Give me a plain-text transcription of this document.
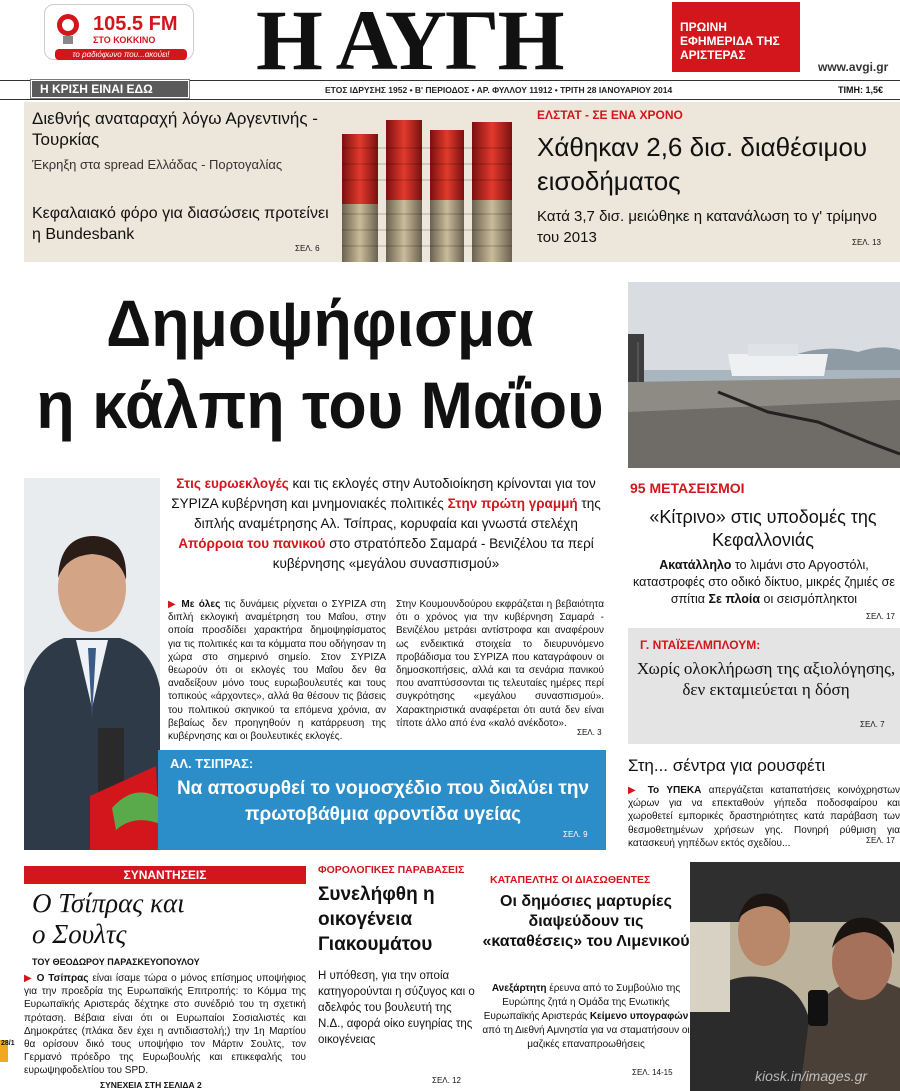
105.5 FM
ΣΤΟ ΚΟΚΚΙΝΟ
το ραδιόφωνο που...ακούει! Η ΑΥΓΗ	ΠΡΩΙΝΗ ΕΦΗΜΕΡΙΔΑ ΤΗΣ ΑΡΙΣΤΕΡΑΣ
www.avgi.gr
Η ΚΡΙΣΗ ΕΙΝΑΙ ΕΔΩ	ΕΤΟΣ ΙΔΡΥΣΗΣ 1952 • Β' ΠΕΡΙΟΔΟΣ • ΑΡ. ΦΥΛΛΟΥ 11912 • ΤΡΙΤΗ 28 ΙΑΝΟΥΑΡΙΟΥ 2014	ΤΙΜΗ: 1,5€
Διεθνής αναταραχή λόγω Αργεντινής - Τουρκίας
Έκρηξη στα spread Ελλάδας - Πορτογαλίας
Κεφαλαιακό φόρο για διασώσεις προτείνει η Bundesbank
ΣΕΛ. 6
ΕΛΣΤΑΤ - ΣΕ ΕΝΑ ΧΡΟΝΟ
Χάθηκαν 2,6 δισ. διαθέσιμου εισοδήματος
Κατά 3,7 δισ. μειώθηκε η κατανάλωση το γ' τρίμηνο του 2013	ΣΕΛ. 13
Δημοψήφισμα
η κάλπη του Μαΐου
Στις ευρωεκλογές και τις εκλογές στην Αυτοδιοίκηση κρίνονται για τον ΣΥΡΙΖΑ κυβέρνηση και μνημονιακές πολιτικές Στην πρώτη γραμμή της διπλής αναμέτρησης Αλ. Τσίπρας, κορυφαία και γνωστά στελέχη Απόρροια του πανικού στο στρατόπεδο Σαμαρά - Βενιζέλου τα περί κυβέρνησης «μεγάλου συνασπισμού»
▶ Με όλες τις δυνάμεις ρίχνεται ο ΣΥΡΙΖΑ στη διπλή εκλογική αναμέτρηση του Μαΐου, στην οποία προσδίδει χαρακτήρα δημοψηφίσματος για τις πολιτικές και τα κόμματα που οδήγησαν τη χώρα στο σημερινό σημείο. Στον ΣΥΡΙΖΑ θεωρούν ότι οι εκλογές του Μαΐου δεν θα αναδείξουν μόνο τους ευρωβουλευτές και τους τοπικούς «άρχοντες», αλλά θα θέσουν τις βάσεις του πολιτικού σκηνικού τα επόμενα χρόνια, αν βεβαίως δεν προηγηθούν η κατάρρευση της κυβέρνησης και οι βουλευτικές εκλογές.
Στην Κουμουνδούρου εκφράζεται η βεβαιότητα ότι ο χρόνος για την κυβέρνηση Σαμαρά - Βενιζέλου μετράει αντίστροφα και αναφέρουν ως ενδεικτικά στοιχεία το διευρυνόμενο προβάδισμα του ΣΥΡΙΖΑ που καταγράφουν οι δημοσκοπήσεις, αλλά και τα σενάρια πανικού που αναπτύσσονται τις τελευταίες ημέρες περί συγκρότησης «μεγάλου συνασπισμού». Χαρακτηριστικά αναφέρεται ότι αυτά δεν είναι τίποτε άλλο από ένα «καλό ανέκδοτο».
ΣΕΛ. 3
ΑΛ. ΤΣΙΠΡΑΣ:
Να αποσυρθεί το νομοσχέδιο που διαλύει την πρωτοβάθμια φροντίδα υγείας
ΣΕΛ. 9
95 ΜΕΤΑΣΕΙΣΜΟΙ
«Κίτρινο» στις υποδομές της Κεφαλλονιάς
Ακατάλληλο το λιμάνι στο Αργοστόλι, καταστροφές στο οδικό δίκτυο, μικρές ζημιές σε σπίτια Σε πλοία οι σεισμόπληκτοι
ΣΕΛ. 17
Γ. ΝΤΑΪΣΕΛΜΠΛΟΥΜ:
Χωρίς ολοκλήρωση της αξιολόγησης, δεν εκταμιεύεται η δόση
ΣΕΛ. 7
Στη... σέντρα για ρουσφέτι
▶ Το ΥΠΕΚΑ απεργάζεται καταπατήσεις κοινόχρηστων χώρων για να επεκταθούν γήπεδα ποδοσφαίρου και χωροθετεί εμπορικές δραστηριότητες κατά παράβαση των θεσμοθετημένων χρήσεων γης. Πονηρή ρύθμιση για κατασκευή γηπέδων εκτός σχεδίου...	ΣΕΛ. 17
ΣΥΝΑΝΤΗΣΕΙΣ
Ο Τσίπρας και ο Σουλτς
ΤΟΥ ΘΕΟΔΩΡΟΥ ΠΑΡΑΣΚΕΥΟΠΟΥΛΟΥ
▶ Ο Τσίπρας είναι ίσαμε τώρα ο μόνος επίσημος υποψήφιος για την προεδρία της Ευρωπαϊκής Επιτροπής: το Κόμμα της Ευρωπαϊκής Αριστεράς δέχτηκε στο συνέδριό του τη σχετική πρόταση. Βέβαια είναι ότι οι Ευρωπαίοι Σοσιαλιστές και Δημοκράτες (πλάκα δεν έχει η αντιδιαστολή;) την 1η Μαρτίου θα ορίσουν δικό τους υποψήφιο τον Μάρτιν Σουλτς, τον Γερμανό πρόεδρο της Ευρωβουλής και επικεφαλής του ευρωψηφοδελτίου του SPD.
ΣΥΝΕΧΕΙΑ ΣΤΗ ΣΕΛΙΔΑ 2
ΦΟΡΟΛΟΓΙΚΕΣ ΠΑΡΑΒΑΣΕΙΣ
Συνελήφθη η οικογένεια Γιακουμάτου
Η υπόθεση, για την οποία κατηγορούνται η σύζυγος και ο αδελφός του βουλευτή της Ν.Δ., αφορά οίκο ευγηρίας της οικογένειας
ΣΕΛ. 12
ΚΑΤΑΠΕΛΤΗΣ ΟΙ ΔΙΑΣΩΘΕΝΤΕΣ
Οι δημόσιες μαρτυρίες διαψεύδουν τις «καταθέσεις» του Λιμενικού
Ανεξάρτητη έρευνα από το Συμβούλιο της Ευρώπης ζητά η Ομάδα της Ενωτικής Ευρωπαϊκής Αριστεράς Κείμενο υπογραφών από τη Διεθνή Αμνηστία για να σταματήσουν οι μαζικές επαναπροωθήσεις
ΣΕΛ. 14-15
28/1
kiosk.in/images.gr
